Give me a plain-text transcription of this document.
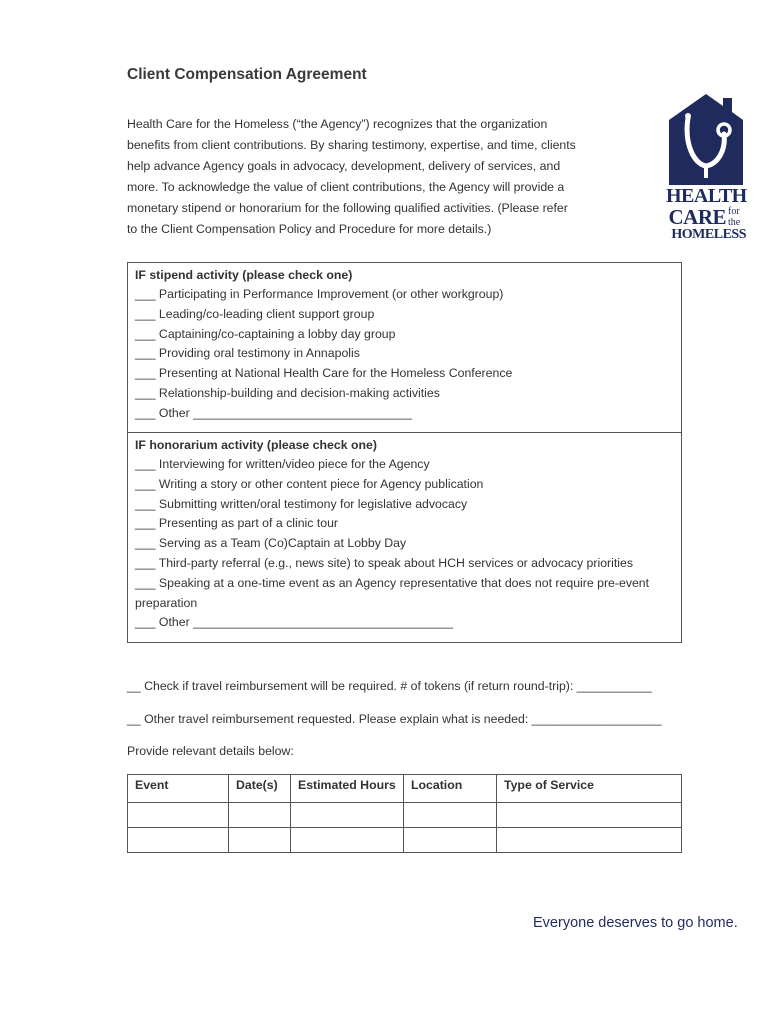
Client Compensation Agreement

Health Care for the Homeless (“the Agency”) recognizes that the organization

benefits from client contributions. By sharing testimony, expertise, and time, clients

help advance Agency goals in advocacy, development, delivery of services, and

more. To acknowledge the value of client contributions, the Agency will provide a

monetary stipend or honorarium for the following qualified activities. (Please refer

to the Client Compensation Policy and Procedure for more details.)

HEALTH
CARE for
the
HOMELESS
IF stipend activity (please check one)
___ Participating in Performance Improvement (or other workgroup)
___ Leading/co-leading client support group
___ Captaining/co-captaining a lobby day group
___ Providing oral testimony in Annapolis
___ Presenting at National Health Care for the Homeless Conference
___ Relationship-building and decision-making activities
___ Other ________________________________
IF honorarium activity (please check one)
___ Interviewing for written/video piece for the Agency
___ Writing a story or other content piece for Agency publication
___ Submitting written/oral testimony for legislative advocacy
___ Presenting as part of a clinic tour
___ Serving as a Team (Co)Captain at Lobby Day
___ Third-party referral (e.g., news site) to speak about HCH services or advocacy priorities
___ Speaking at a one-time event as an Agency representative that does not require pre-event
preparation
___ Other ______________________________________
__ Check if travel reimbursement will be required. # of tokens (if return round-trip): ___________
__ Other travel reimbursement requested. Please explain what is needed: ___________________
Provide relevant details below:
Event	Date(s)	Estimated Hours	Location	Type of Service

Everyone deserves to go home.
